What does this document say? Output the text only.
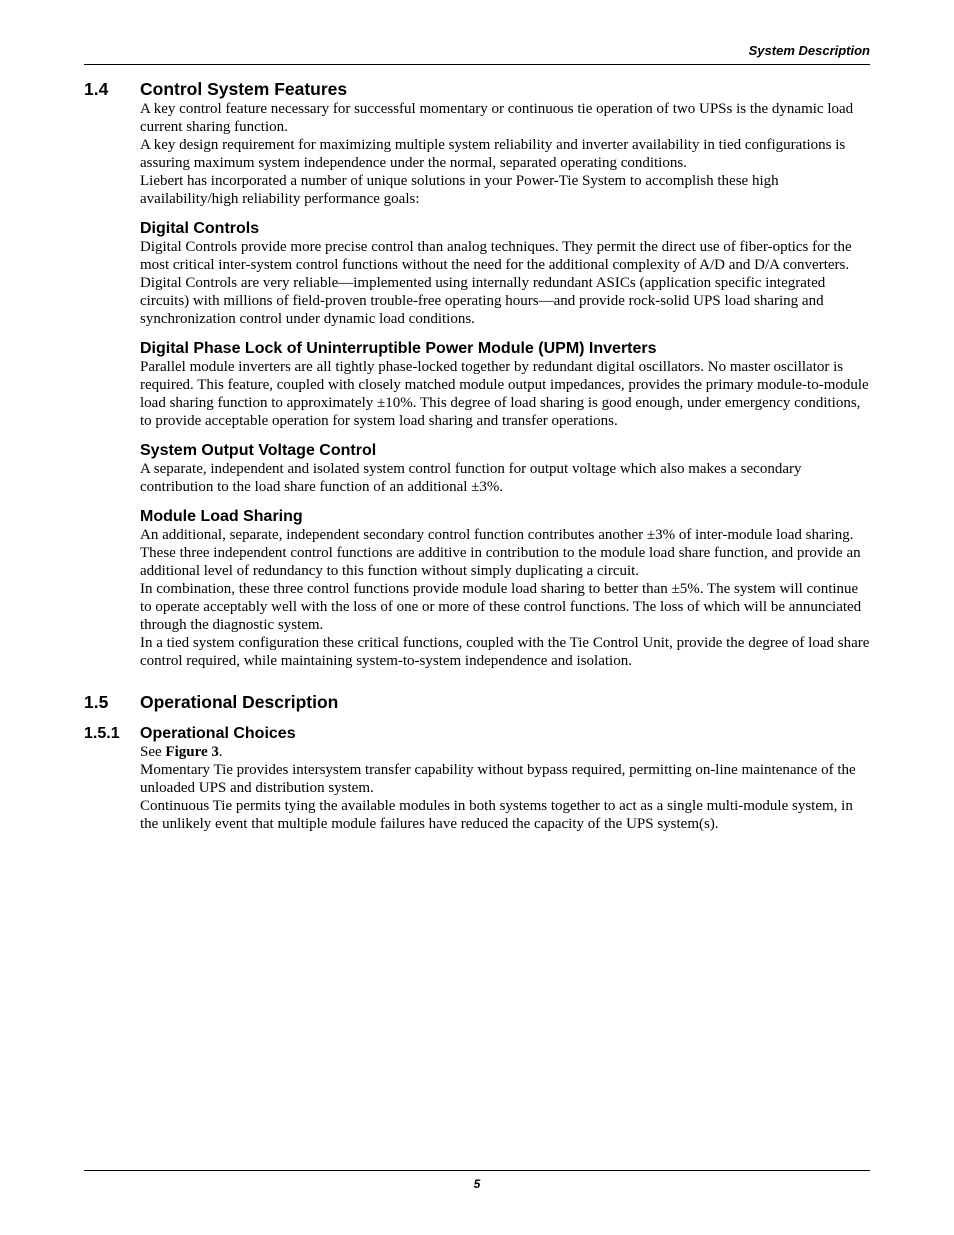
System Description
1.4	Control System Features

A key control feature necessary for successful momentary or continuous tie operation of two UPSs is the dynamic load current sharing function.

A key design requirement for maximizing multiple system reliability and inverter availability in tied configurations is assuring maximum system independence under the normal, separated operating conditions.

Liebert has incorporated a number of unique solutions in your Power-Tie System to accomplish these high availability/high reliability performance goals:

Digital Controls

Digital Controls provide more precise control than analog techniques. They permit the direct use of fiber-optics for the most critical inter-system control functions without the need for the additional complexity of A/D and D/A converters. Digital Controls are very reliable—implemented using internally redundant ASICs (application specific integrated circuits) with millions of field-proven trouble-free operating hours—and provide rock-solid UPS load sharing and synchronization control under dynamic load conditions.

Digital Phase Lock of Uninterruptible Power Module (UPM) Inverters

Parallel module inverters are all tightly phase-locked together by redundant digital oscillators. No master oscillator is required. This feature, coupled with closely matched module output impedances, provides the primary module-to-module load sharing function to approximately ±10%. This degree of load sharing is good enough, under emergency conditions, to provide acceptable operation for system load sharing and transfer operations.

System Output Voltage Control

A separate, independent and isolated system control function for output voltage which also makes a secondary contribution to the load share function of an additional ±3%.

Module Load Sharing

An additional, separate, independent secondary control function contributes another ±3% of inter-module load sharing.

These three independent control functions are additive in contribution to the module load share function, and provide an additional level of redundancy to this function without simply duplicating a circuit.

In combination, these three control functions provide module load sharing to better than ±5%. The system will continue to operate acceptably well with the loss of one or more of these control functions. The loss of which will be annunciated through the diagnostic system.

In a tied system configuration these critical functions, coupled with the Tie Control Unit, provide the degree of load share control required, while maintaining system-to-system independence and isolation.

1.5	Operational Description
1.5.1	Operational Choices

See Figure 3.

Momentary Tie provides intersystem transfer capability without bypass required, permitting on-line maintenance of the unloaded UPS and distribution system.

Continuous Tie permits tying the available modules in both systems together to act as a single multi-module system, in the unlikely event that multiple module failures have reduced the capacity of the UPS system(s).

5
